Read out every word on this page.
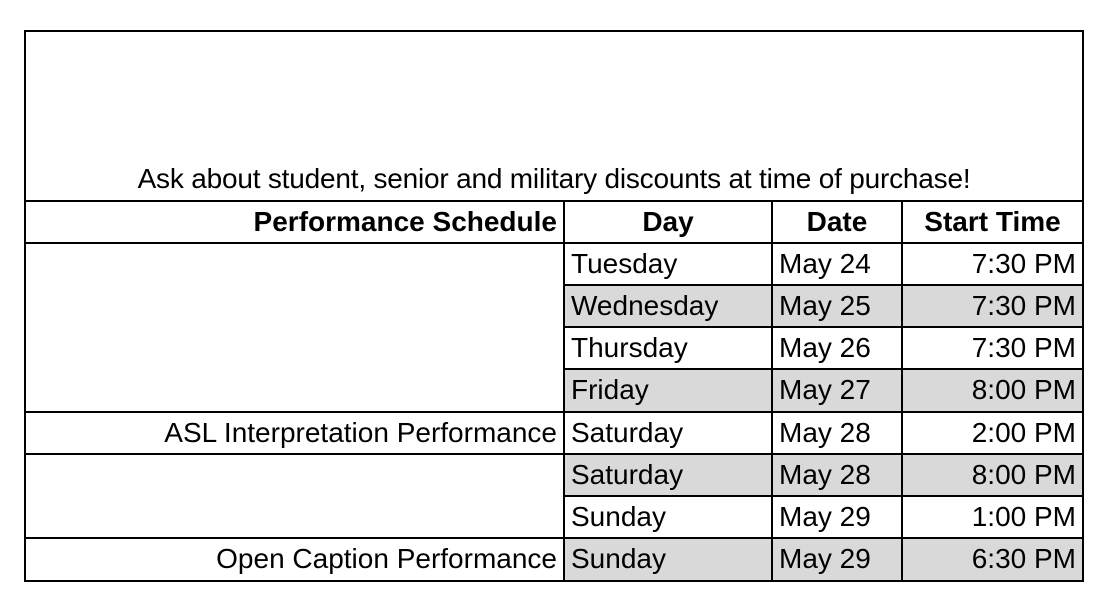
Ask about student, senior and military discounts at time of purchase!
Performance Schedule	Day	Date	Start Time
	Tuesday	May 24	7:30 PM
	Wednesday	May 25	7:30 PM
	Thursday	May 26	7:30 PM
	Friday	May 27	8:00 PM
ASL Interpretation Performance	Saturday	May 28	2:00 PM
	Saturday	May 28	8:00 PM
	Sunday	May 29	1:00 PM
Open Caption Performance	Sunday	May 29	6:30 PM
